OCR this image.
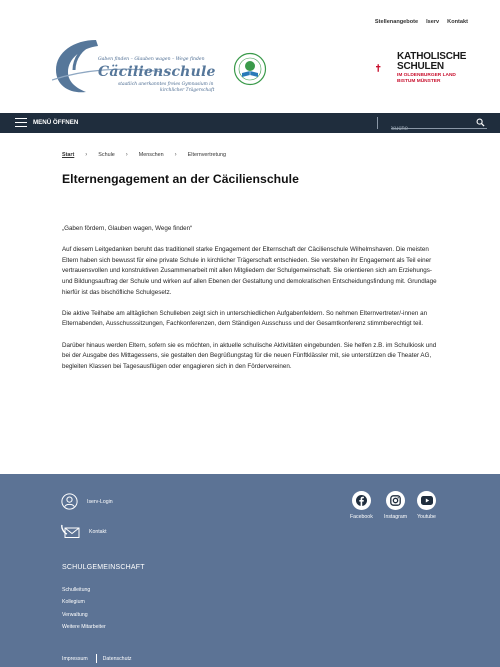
Stellenangebote Iserv Kontakt
Gaben finden – Glauben wagen – Wege finden
Cäcilienschule
staatlich anerkanntes freies Gymnasium in
kirchlicher Trägerschaft
KATHOLISCHE
SCHULEN
IM OLDENBURGER LAND
BISTUM MÜNSTER
MENÜ ÖFFNEN
Suche
Start › Schule › Menschen › Elternvertretung
Elternengagement an der Cäcilienschule

„Gaben fördern, Glauben wagen, Wege finden“

Auf diesem Leitgedanken beruht das traditionell starke Engagement der Elternschaft der Cäcilienschule Wilhelmshaven. Die meisten Eltern haben sich bewusst für eine private Schule in kirchlicher Trägerschaft entschieden. Sie verstehen ihr Engagement als Teil einer vertrauensvollen und konstruktiven Zusammenarbeit mit allen Mitgliedern der Schulgemeinschaft. Sie orientieren sich am Erziehungs- und Bildungsauftrag der Schule und wirken auf allen Ebenen der Gestaltung und demokratischen Entscheidungsfindung mit. Grundlage hierfür ist das bischöfliche Schulgesetz.

Die aktive Teilhabe am alltäglichen Schulleben zeigt sich in unterschiedlichen Aufgabenfeldern. So nehmen Elternvertreter/-innen an Elternabenden, Ausschusssitzungen, Fachkonferenzen, dem Ständigen Ausschuss und der Gesamtkonferenz stimmberechtigt teil.

Darüber hinaus werden Eltern, sofern sie es möchten, in aktuelle schulische Aktivitäten eingebunden. Sie helfen z.B. im Schulkiosk und bei der Ausgabe des Mittagessens, sie gestalten den Begrüßungstag für die neuen Fünftklässler mit, sie unterstützen die Theater AG, begleiten Klassen bei Tagesausflügen oder engagieren sich in den Fördervereinen.

Iserv-Login
Kontakt
Facebook Instagram Youtube
SCHULGEMEINSCHAFT
Schulleitung
Kollegium
Verwaltung
Weitere Mitarbeiter
Impressum	Datenschutz
